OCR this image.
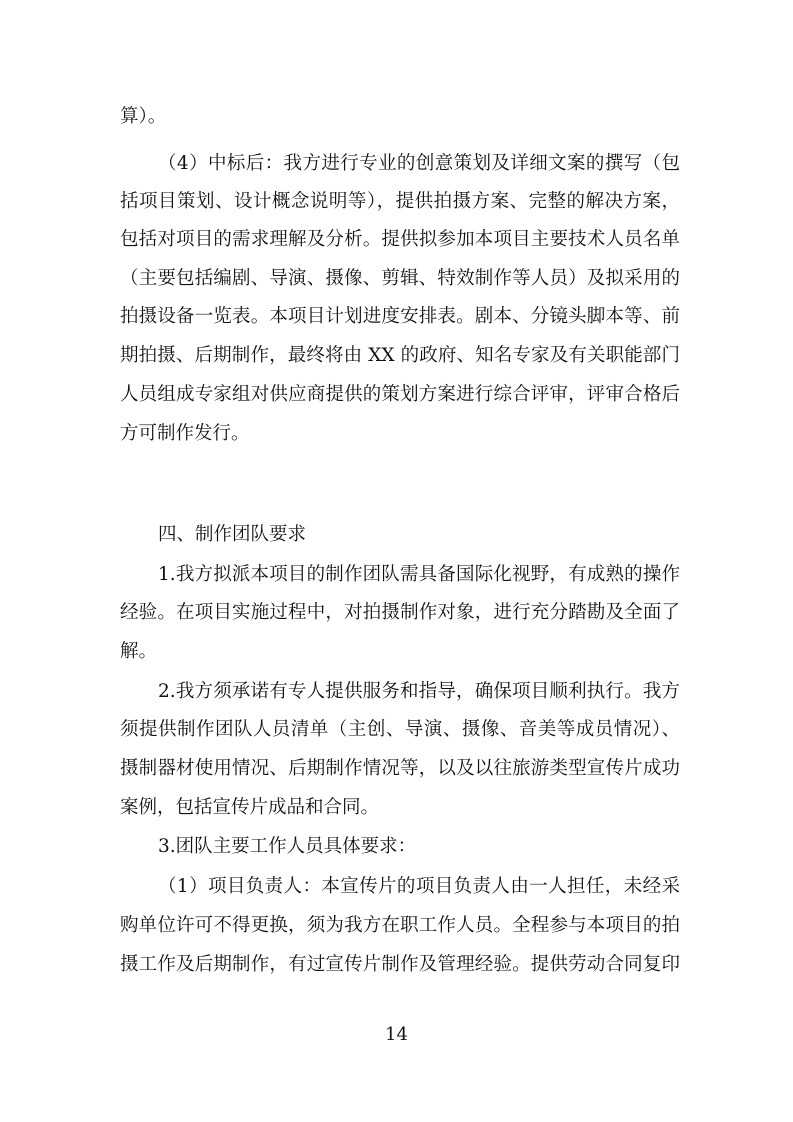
算）。
（4）中标后：我方进行专业的创意策划及详细文案的撰写（包
括项目策划、设计概念说明等），提供拍摄方案、完整的解决方案，
包括对项目的需求理解及分析。提供拟参加本项目主要技术人员名单
（主要包括编剧、导演、摄像、剪辑、特效制作等人员）及拟采用的
拍摄设备一览表。本项目计划进度安排表。剧本、分镜头脚本等、前
期拍摄、后期制作，最终将由 XX 的政府、知名专家及有关职能部门
人员组成专家组对供应商提供的策划方案进行综合评审，评审合格后
方可制作发行。
四、制作团队要求
1.我方拟派本项目的制作团队需具备国际化视野，有成熟的操作
经验。在项目实施过程中，对拍摄制作对象，进行充分踏勘及全面了
解。
2.我方须承诺有专人提供服务和指导，确保项目顺利执行。我方
须提供制作团队人员清单（主创、导演、摄像、音美等成员情况）、
摄制器材使用情况、后期制作情况等，以及以往旅游类型宣传片成功
案例，包括宣传片成品和合同。
3.团队主要工作人员具体要求：
（1）项目负责人：本宣传片的项目负责人由一人担任，未经采
购单位许可不得更换，须为我方在职工作人员。全程参与本项目的拍
摄工作及后期制作，有过宣传片制作及管理经验。提供劳动合同复印
14
